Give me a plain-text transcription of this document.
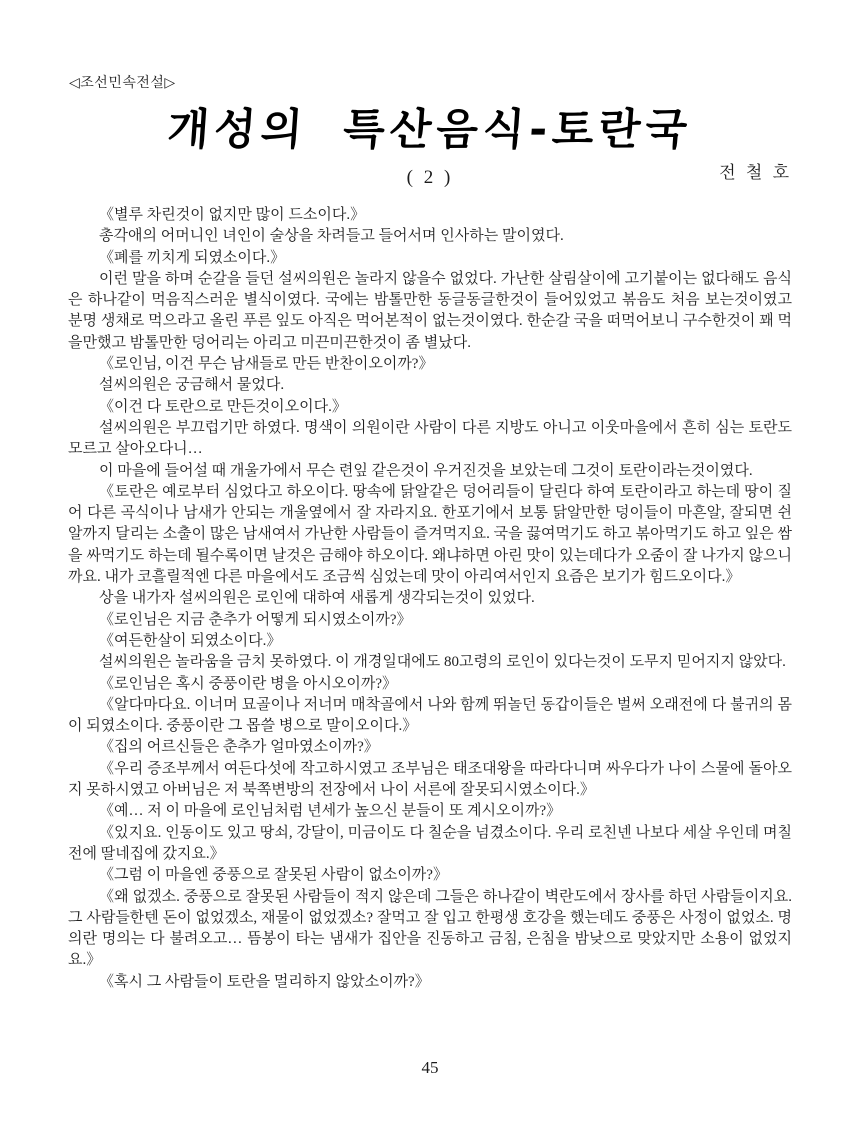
◁조선민속전설▷
개성의 특산음식-토란국
전 철 호
( 2 )

《별루 차린것이 없지만 많이 드소이다.》

총각애의 어머니인 녀인이 술상을 차려들고 들어서며 인사하는 말이였다.

《폐를 끼치게 되였소이다.》

이런 말을 하며 순갈을 들던 설씨의원은 놀라지 않을수 없었다. 가난한 살림살이에 고기붙이는 없다해도 음식은 하나같이 먹음직스러운 별식이였다. 국에는 밤톨만한 동글동글한것이 들어있었고 볶음도 처음 보는것이였고 분명 생채로 먹으라고 올린 푸른 잎도 아직은 먹어본적이 없는것이였다. 한순갈 국을 떠먹어보니 구수한것이 꽤 먹을만했고 밤톨만한 덩어리는 아리고 미끈미끈한것이 좀 별났다.

《로인님, 이건 무슨 남새들로 만든 반찬이오이까?》

설씨의원은 궁금해서 물었다.

《이건 다 토란으로 만든것이오이다.》

설씨의원은 부끄럽기만 하였다. 명색이 의원이란 사람이 다른 지방도 아니고 이웃마을에서 흔히 심는 토란도 모르고 살아오다니…

이 마을에 들어설 때 개울가에서 무슨 련잎 같은것이 우거진것을 보았는데 그것이 토란이라는것이였다.

《토란은 예로부터 심었다고 하오이다. 땅속에 닭알같은 덩어리들이 달린다 하여 토란이라고 하는데 땅이 질어 다른 곡식이나 남새가 안되는 개울옆에서 잘 자라지요. 한포기에서 보통 닭알만한 덩이들이 마흔알, 잘되면 쉰알까지 달리는 소출이 많은 남새여서 가난한 사람들이 즐겨먹지요. 국을 끓여먹기도 하고 볶아먹기도 하고 잎은 쌈을 싸먹기도 하는데 될수록이면 날것은 금해야 하오이다. 왜냐하면 아린 맛이 있는데다가 오줌이 잘 나가지 않으니까요. 내가 코흘릴적엔 다른 마을에서도 조금씩 심었는데 맛이 아리여서인지 요즘은 보기가 힘드오이다.》

상을 내가자 설씨의원은 로인에 대하여 새롭게 생각되는것이 있었다.

《로인님은 지금 춘추가 어떻게 되시였소이까?》

《여든한살이 되였소이다.》

설씨의원은 놀라움을 금치 못하였다. 이 개경일대에도 80고령의 로인이 있다는것이 도무지 믿어지지 않았다.

《로인님은 혹시 중풍이란 병을 아시오이까?》

《알다마다요. 이너머 묘골이나 저너머 매착골에서 나와 함께 뛰놀던 동갑이들은 벌써 오래전에 다 불귀의 몸이 되였소이다. 중풍이란 그 몹쓸 병으로 말이오이다.》

《집의 어르신들은 춘추가 얼마였소이까?》

《우리 증조부께서 여든다섯에 작고하시였고 조부님은 태조대왕을 따라다니며 싸우다가 나이 스물에 돌아오지 못하시였고 아버님은 저 북쪽변방의 전장에서 나이 서른에 잘못되시였소이다.》

《예… 저 이 마을에 로인님처럼 년세가 높으신 분들이 또 계시오이까?》

《있지요. 인동이도 있고 땅쇠, 강달이, 미금이도 다 칠순을 넘겼소이다. 우리 로친넨 나보다 세살 우인데 며칠전에 딸네집에 갔지요.》

《그럼 이 마을엔 중풍으로 잘못된 사람이 없소이까?》

《왜 없겠소. 중풍으로 잘못된 사람들이 적지 않은데 그들은 하나같이 벽란도에서 장사를 하던 사람들이지요. 그 사람들한텐 돈이 없었겠소, 재물이 없었겠소? 잘먹고 잘 입고 한평생 호강을 했는데도 중풍은 사정이 없었소. 명의란 명의는 다 불려오고… 뜸봉이 타는 냄새가 집안을 진동하고 금침, 은침을 밤낮으로 맞았지만 소용이 없었지요.》

《혹시 그 사람들이 토란을 멀리하지 않았소이까?》

45
